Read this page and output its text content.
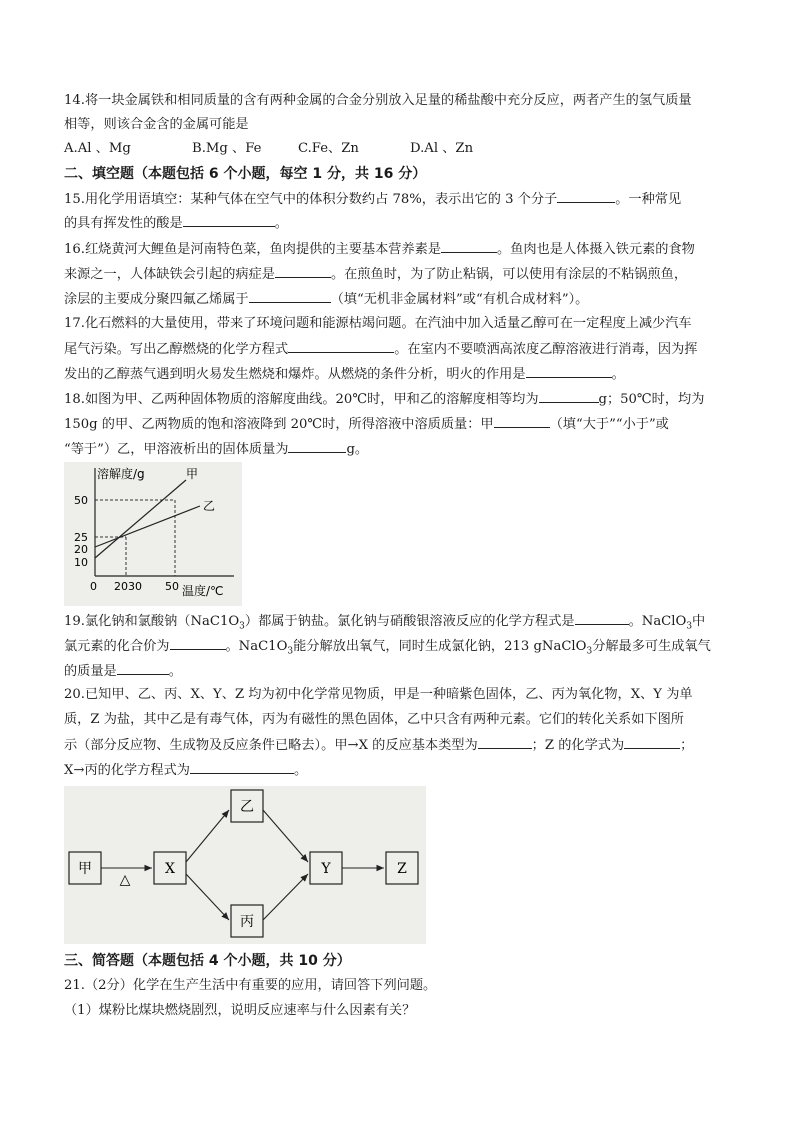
14.将一块金属铁和相同质量的含有两种金属的合金分别放入足量的稀盐酸中充分反应，两者产生的氢气质量

相等，则该合金含的金属可能是

A.Al 、Mg	B.Mg 、Fe	C.Fe、Zn	D.Al 、Zn

二、填空题（本题包括 6 个小题，每空 1 分，共 16 分）

15.用化学用语填空：某种气体在空气中的体积分数约占 78%，表示出它的 3 个分子	。一种常见

的具有挥发性的酸是	。

16.红烧黄河大鲤鱼是河南特色菜，鱼肉提供的主要基本营养素是	。鱼肉也是人体摄入铁元素的食物

来源之一，人体缺铁会引起的病症是	。在煎鱼时，为了防止粘锅，可以使用有涂层的不粘锅煎鱼，

涂层的主要成分聚四氟乙烯属于	（填“无机非金属材料”或“有机合成材料”）。

17.化石燃料的大量使用，带来了环境问题和能源枯竭问题。在汽油中加入适量乙醇可在一定程度上减少汽车

尾气污染。写出乙醇燃烧的化学方程式	。在室内不要喷洒高浓度乙醇溶液进行消毒，因为挥

发出的乙醇蒸气遇到明火易发生燃烧和爆炸。从燃烧的条件分析，明火的作用是	。

18.如图为甲、乙两种固体物质的溶解度曲线。20℃时，甲和乙的溶解度相等均为	g；50℃时，均为

150g 的甲、乙两物质的饱和溶液降到 20℃时，所得溶液中溶质质量：甲	（填“大于”“小于”或

“等于”）乙，甲溶液析出的固体质量为	g。

溶解度/g
温度/℃
甲
乙
50
25
20
10
0 2030 50

19.氯化钠和氯酸钠$(NaC1O_3)$都属于钠盐。氯化钠与硝酸银溶液反应的化学方程式是	。NaClO$_3$中

氯元素的化合价为	。$NaC1O_3$能分解放出氧气，同时生成氯化钠，213 gNaClO$_3$分解最多可生成氧气

的质量是	。

20.已知甲、乙、丙、X、Y、Z 均为初中化学常见物质，甲是一种暗紫色固体，乙、丙为氧化物，X、Y 为单

质，Z 为盐，其中乙是有毒气体，丙为有磁性的黑色固体，乙中只含有两种元素。它们的转化关系如下图所

示（部分反应物、生成物及反应条件已略去）。甲→X 的反应基本类型为	；Z 的化学式为	；

X→丙的化学方程式为	。

甲	X
乙
丙
Y	Z
△

三、简答题（本题包括 4 个小题，共 10 分）

21.（2分）化学在生产生活中有重要的应用，请回答下列问题。

（1）煤粉比煤块燃烧剧烈，说明反应速率与什么因素有关？
